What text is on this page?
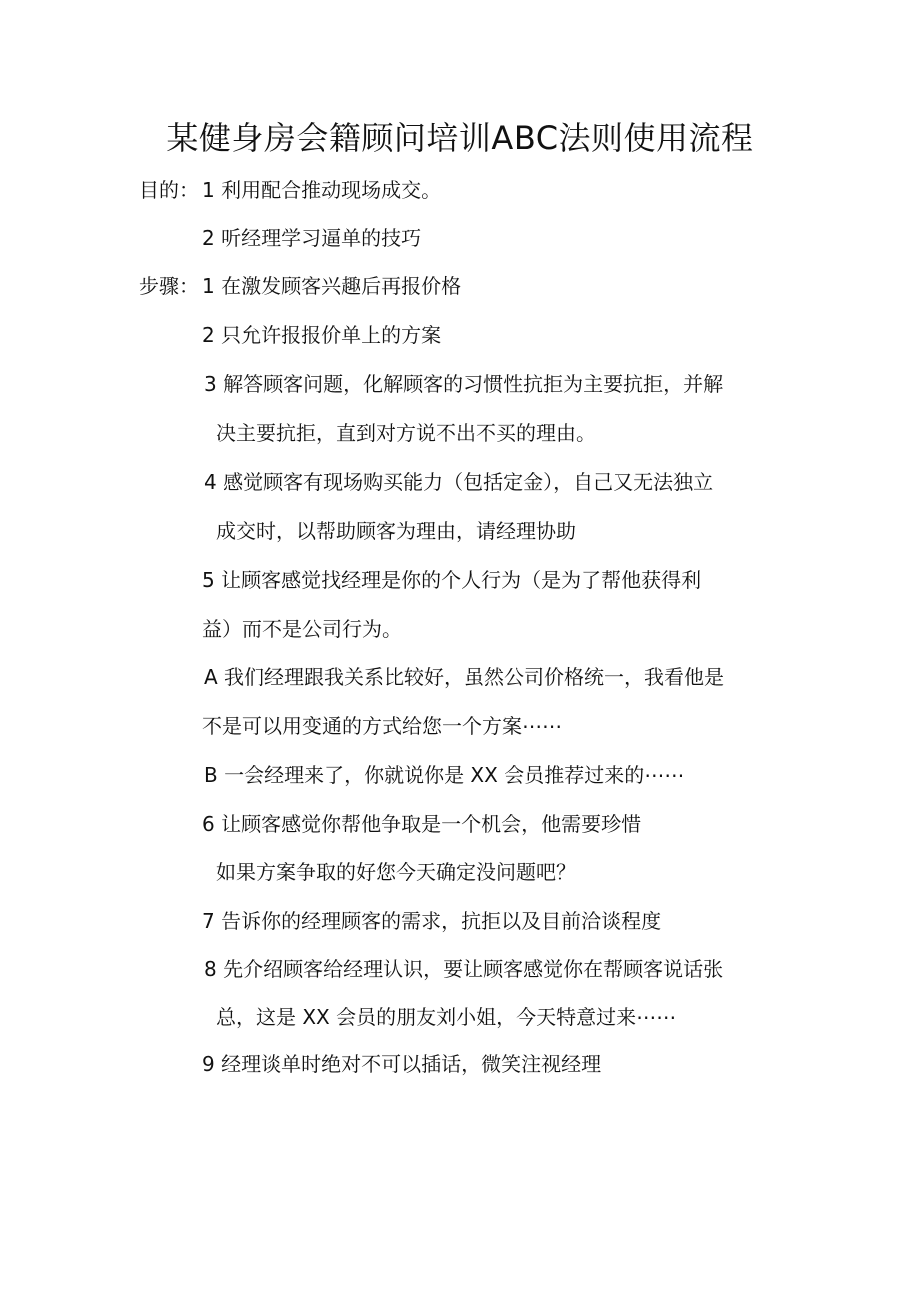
某健身房会籍顾问培训ABC法则使用流程
目的： 1 利用配合推动现场成交。
2 听经理学习逼单的技巧
步骤： 1 在激发顾客兴趣后再报价格
2 只允许报报价单上的方案
3 解答顾客问题，化解顾客的习惯性抗拒为主要抗拒，并解
决主要抗拒，直到对方说不出不买的理由。
4 感觉顾客有现场购买能力（包括定金），自己又无法独立
成交时，以帮助顾客为理由，请经理协助
5 让顾客感觉找经理是你的个人行为（是为了帮他获得利
益）而不是公司行为。
A 我们经理跟我关系比较好，虽然公司价格统一，我看他是
不是可以用变通的方式给您一个方案⋯⋯
B 一会经理来了，你就说你是 XX 会员推荐过来的⋯⋯
6 让顾客感觉你帮他争取是一个机会，他需要珍惜
如果方案争取的好您今天确定没问题吧？
7 告诉你的经理顾客的需求，抗拒以及目前洽谈程度
8 先介绍顾客给经理认识，要让顾客感觉你在帮顾客说话张
总，这是 XX 会员的朋友刘小姐，今天特意过来⋯⋯
9 经理谈单时绝对不可以插话，微笑注视经理
